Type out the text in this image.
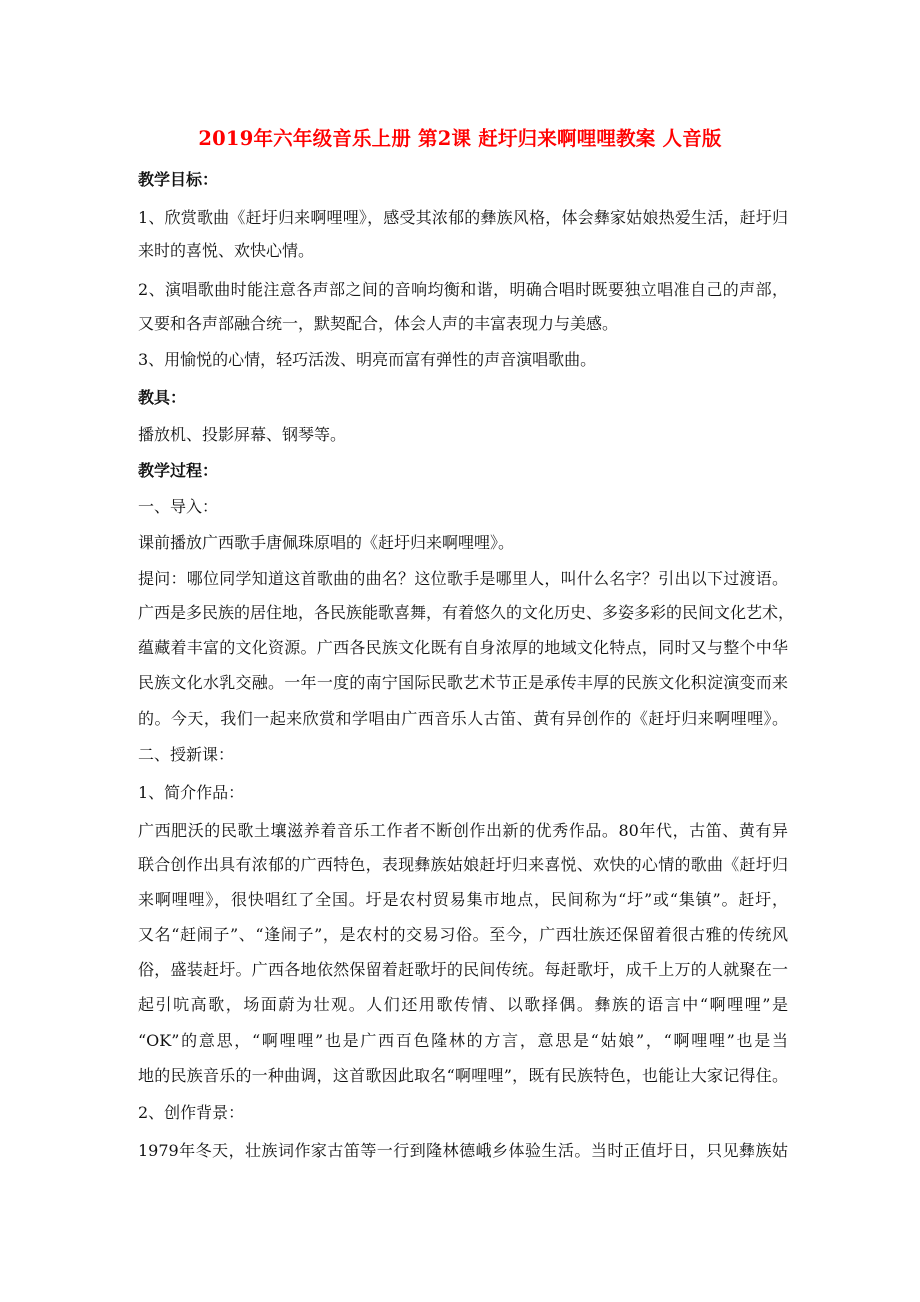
2019年六年级音乐上册 第2课 赶圩归来啊哩哩教案 人音版
教学目标：
1、欣赏歌曲《赶圩归来啊哩哩》，感受其浓郁的彝族风格，体会彝家姑娘热爱生活，赶圩归
来时的喜悦、欢快心情。
2、演唱歌曲时能注意各声部之间的音响均衡和谐，明确合唱时既要独立唱准自己的声部，
又要和各声部融合统一，默契配合，体会人声的丰富表现力与美感。
3、用愉悦的心情，轻巧活泼、明亮而富有弹性的声音演唱歌曲。
教具：
播放机、投影屏幕、钢琴等。
教学过程：
一、导入：
课前播放广西歌手唐佩珠原唱的《赶圩归来啊哩哩》。
提问：哪位同学知道这首歌曲的曲名？这位歌手是哪里人，叫什么名字？引出以下过渡语。
广西是多民族的居住地，各民族能歌喜舞，有着悠久的文化历史、多姿多彩的民间文化艺术，
蕴藏着丰富的文化资源。广西各民族文化既有自身浓厚的地域文化特点，同时又与整个中华
民族文化水乳交融。一年一度的南宁国际民歌艺术节正是承传丰厚的民族文化积淀演变而来
的。今天，我们一起来欣赏和学唱由广西音乐人古笛、黄有异创作的《赶圩归来啊哩哩》。
二、授新课：
1、简介作品：
广西肥沃的民歌土壤滋养着音乐工作者不断创作出新的优秀作品。80年代，古笛、黄有异
联合创作出具有浓郁的广西特色，表现彝族姑娘赶圩归来喜悦、欢快的心情的歌曲《赶圩归
来啊哩哩》，很快唱红了全国。圩是农村贸易集市地点，民间称为“圩”或“集镇”。赶圩，
又名“赶闹子”、“逢闹子”，是农村的交易习俗。至今，广西壮族还保留着很古雅的传统风
俗，盛装赶圩。广西各地依然保留着赶歌圩的民间传统。每赶歌圩，成千上万的人就聚在一
起引吭高歌，场面蔚为壮观。人们还用歌传情、以歌择偶。彝族的语言中“啊哩哩”是
“OK”的意思，“啊哩哩”也是广西百色隆林的方言，意思是“姑娘”，“啊哩哩”也是当
地的民族音乐的一种曲调，这首歌因此取名“啊哩哩”，既有民族特色，也能让大家记得住。
2、创作背景：
1979年冬天，壮族词作家古笛等一行到隆林德峨乡体验生活。当时正值圩日，只见彝族姑
